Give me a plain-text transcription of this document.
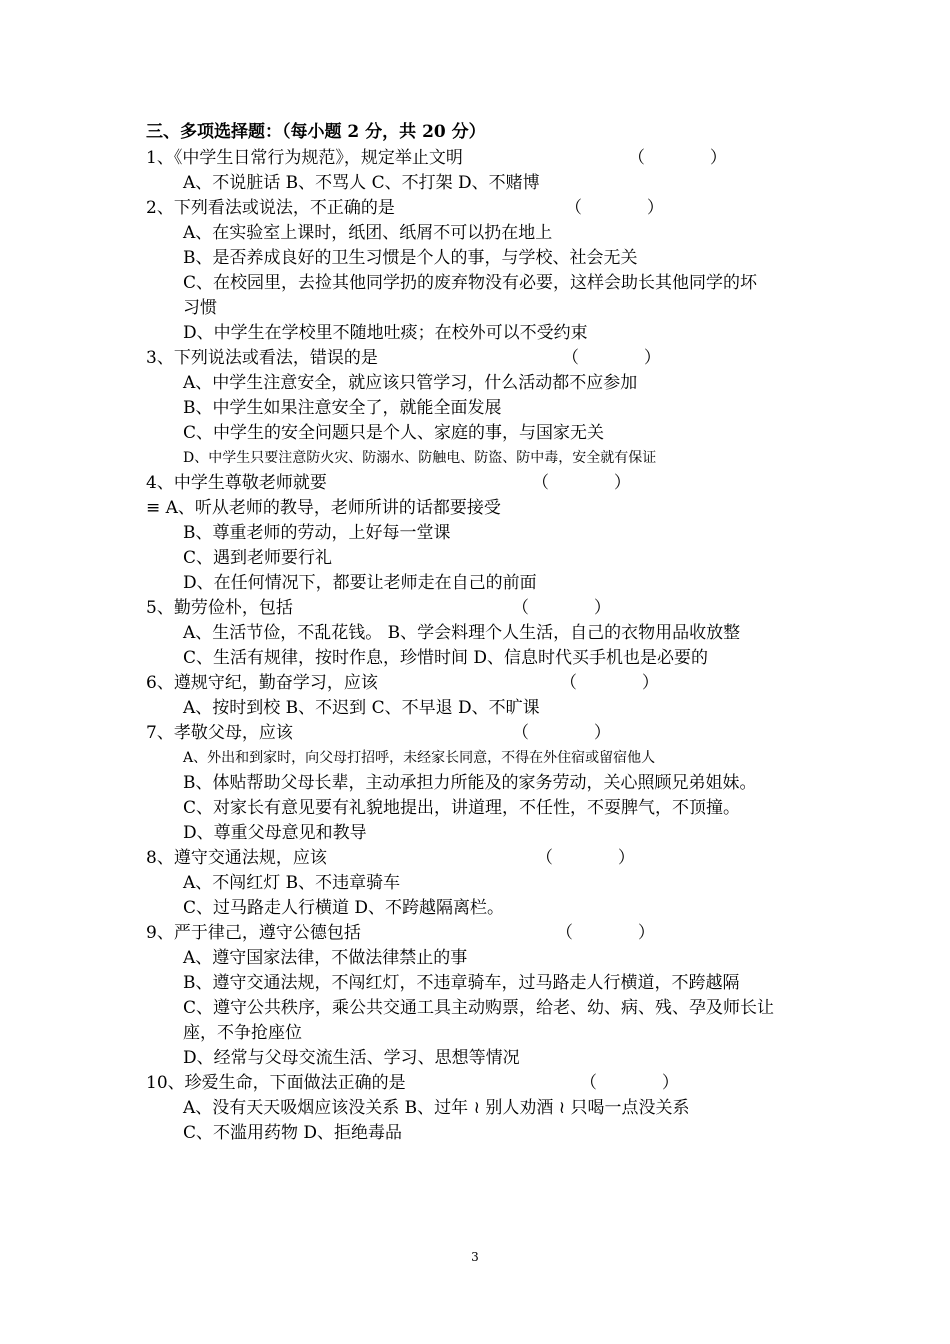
三、多项选择题：（每小题 2 分，共 20 分）
1、《中学生日常行为规范》，规定举止文明	（            ）
A、不说脏话 B、不骂人 C、不打架 D、不赌博
2、下列看法或说法，不正确的是	（            ）
A、在实验室上课时，纸团、纸屑不可以扔在地上
B、是否养成良好的卫生习惯是个人的事，与学校、社会无关
C、在校园里，去捡其他同学扔的废弃物没有必要，这样会助长其他同学的坏
习惯
D、中学生在学校里不随地吐痰；在校外可以不受约束
3、下列说法或看法，错误的是	（            ）
A、中学生注意安全，就应该只管学习，什么活动都不应参加
B、中学生如果注意安全了，就能全面发展
C、中学生的安全问题只是个人、家庭的事，与国家无关
D、中学生只要注意防火灾、防溺水、防触电、防盗、防中毒，安全就有保证
4、中学生尊敬老师就要	（            ）
≡ A、听从老师的教导，老师所讲的话都要接受
B、尊重老师的劳动，上好每一堂课
C、遇到老师要行礼
D、在任何情况下，都要让老师走在自己的前面
5、勤劳俭朴，包括	（            ）
A、生活节俭，不乱花钱。 B、学会料理个人生活，自己的衣物用品收放整
C、生活有规律，按时作息，珍惜时间 D、信息时代买手机也是必要的
6、遵规守纪，勤奋学习，应该	（            ）
A、按时到校 B、不迟到 C、不早退 D、不旷课
7、孝敬父母，应该	（            ）
A、外出和到家时，向父母打招呼，未经家长同意，不得在外住宿或留宿他人
B、体贴帮助父母长辈，主动承担力所能及的家务劳动，关心照顾兄弟姐妹。
C、对家长有意见要有礼貌地提出，讲道理，不任性，不耍脾气，不顶撞。
D、尊重父母意见和教导
8、遵守交通法规，应该	（            ）
A、不闯红灯 B、不违章骑车
C、过马路走人行横道 D、不跨越隔离栏。
9、严于律己，遵守公德包括	（            ）
A、遵守国家法律，不做法律禁止的事
B、遵守交通法规，不闯红灯，不违章骑车，过马路走人行横道，不跨越隔
C、遵守公共秩序，乘公共交通工具主动购票，给老、幼、病、残、孕及师长让
座，不争抢座位
D、经常与父母交流生活、学习、思想等情况
10、珍爱生命，下面做法正确的是	（            ）
A、没有天天吸烟应该没关系 B、过年 ≀ 别人劝酒 ≀ 只喝一点没关系
C、不滥用药物 D、拒绝毒品
3
